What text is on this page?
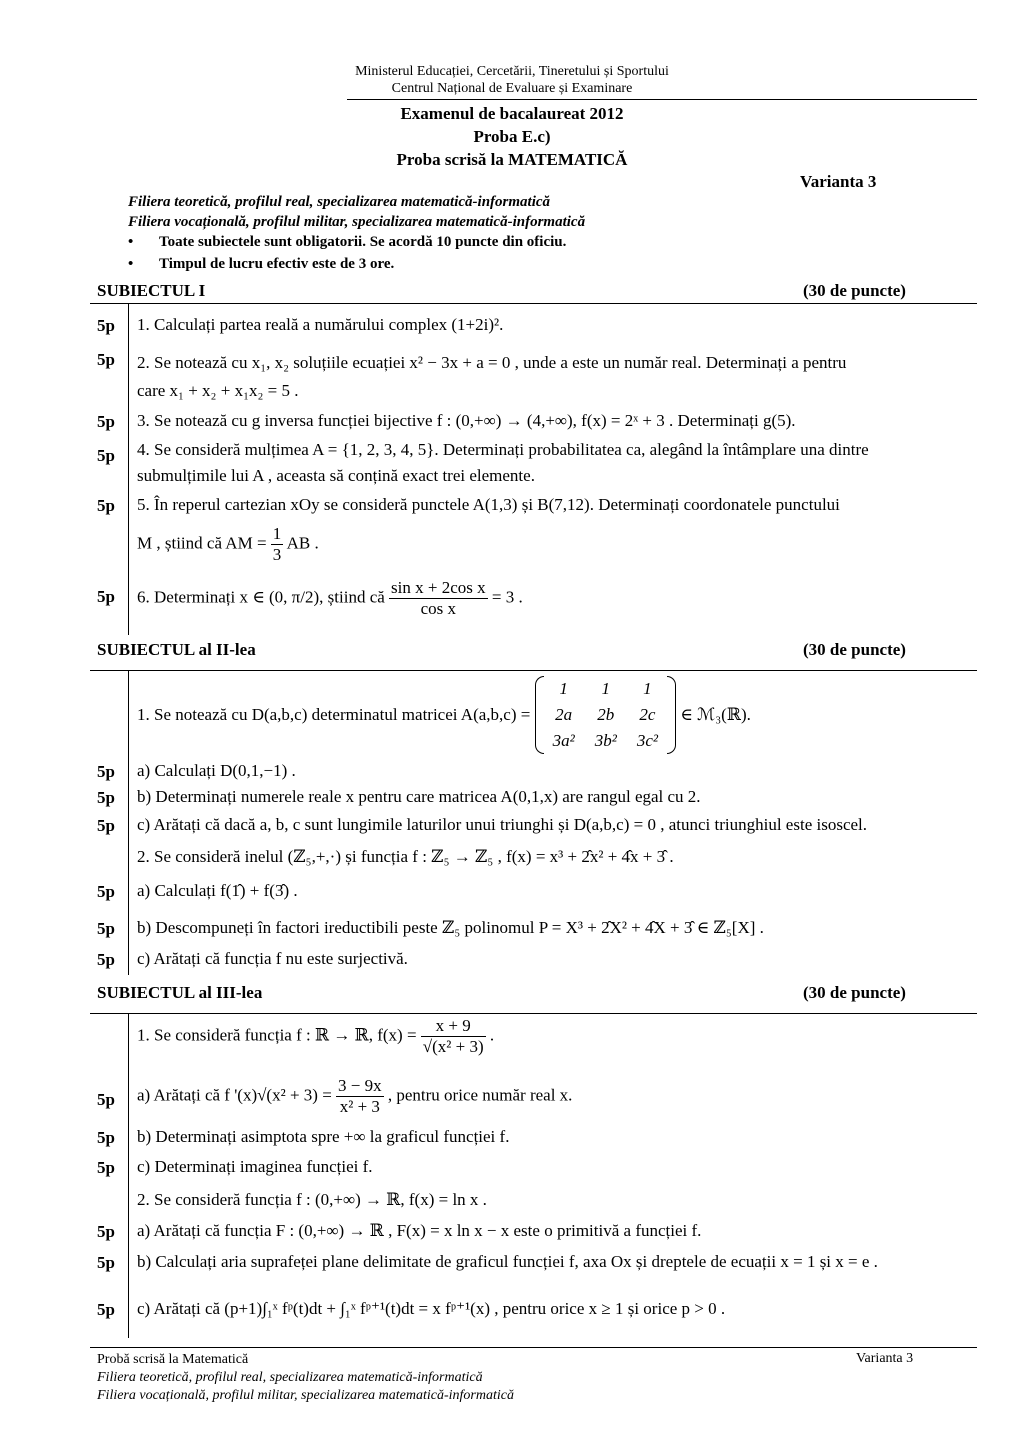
Ministerul Educației, Cercetării, Tineretului și Sportului
Centrul Național de Evaluare și Examinare
Examenul de bacalaureat 2012
Proba E.c)
Proba scrisă la MATEMATICĂ
Varianta 3
Filiera teoretică, profilul real, specializarea matematică-informatică
Filiera vocațională, profilul militar, specializarea matematică-informatică
• Toate subiectele sunt obligatorii. Se acordă 10 puncte din oficiu.
• Timpul de lucru efectiv este de 3 ore.
SUBIECTUL I	(30 de puncte)
5p 1. Calculați partea reală a numărului complex (1+2i)².
5p 2. Se notează cu x₁, x₂ soluțiile ecuației x² − 3x + a = 0 , unde a este un număr real. Determinați a pentru
care x₁ + x₂ + x₁x₂ = 5 .
5p 3. Se notează cu g inversa funcției bijective f : (0,+∞) → (4,+∞), f(x) = 2ˣ + 3 . Determinați g(5).
5p 4. Se consideră mulțimea A = {1, 2, 3, 4, 5}. Determinați probabilitatea ca, alegând la întâmplare una dintre
submulțimile lui A , aceasta să conțină exact trei elemente.
5p 5. În reperul cartezian xOy se consideră punctele A(1,3) și B(7,12). Determinați coordonatele punctului
M , știind că AM = $\frac{1}{3}$ AB .
5p 6. Determinați x ∈ (0, π/2), știind că $\frac{\text{sin x + 2cos x}}{\text{cos x}} = 3$ .
SUBIECTUL al II-lea	(30 de puncte)
1. Se notează cu D(a,b,c) determinatul matricei A(a,b,c) =
1	1	1
2a	2b	2c
3a²	3b²	3c²
∈ ℳ₃(ℝ).
5p a) Calculați D(0,1,−1) .
5p b) Determinați numerele reale x pentru care matricea A(0,1,x) are rangul egal cu 2.
5p c) Arătați că dacă a, b, c sunt lungimile laturilor unui triunghi și D(a,b,c) = 0 , atunci triunghiul este isoscel.
2. Se consideră inelul (ℤ₅,+,·) și funcția f : ℤ₅ → ℤ₅ , f(x) = x³ + 2̂x² + 4̂x + 3̂ .
5p a) Calculați f(1̂) + f(3̂) .
5p b) Descompuneți în factori ireductibili peste ℤ₅ polinomul P = X³ + 2̂X² + 4̂X + 3̂ ∈ ℤ₅[X] .
5p c) Arătați că funcția f nu este surjectivă.
SUBIECTUL al III-lea	(30 de puncte)
1. Se consideră funcția f : ℝ → ℝ, $f(x) = \frac{x + 9}{\text{√(x² + 3)}}$ .
5p a) Arătați că f '$(x)√(x^2 + 3) = \frac{3 - 9x}{\text{x² + 3}}$ , pentru orice număr real x.
5p b) Determinați asimptota spre +∞ la graficul funcției f.
5p c) Determinați imaginea funcției f.
2. Se consideră funcția f : (0,+∞) → ℝ, f(x) = ln x .
5p a) Arătați că funcția F : (0,+∞) → ℝ , F(x) = x ln x − x este o primitivă a funcției f.
5p b) Calculați aria suprafeței plane delimitate de graficul funcției f, axa Ox și dreptele de ecuații x = 1 și x = e .
5p c) Arătați că (p+1)∫₁ˣ fᵖ(t)dt + ∫₁ˣ fᵖ⁺¹(t)dt = x fᵖ⁺¹(x) , pentru orice x ≥ 1 și orice p > 0 .
Probă scrisă la Matematică	Varianta 3
Filiera teoretică, profilul real, specializarea matematică-informatică
Filiera vocațională, profilul militar, specializarea matematică-informatică
